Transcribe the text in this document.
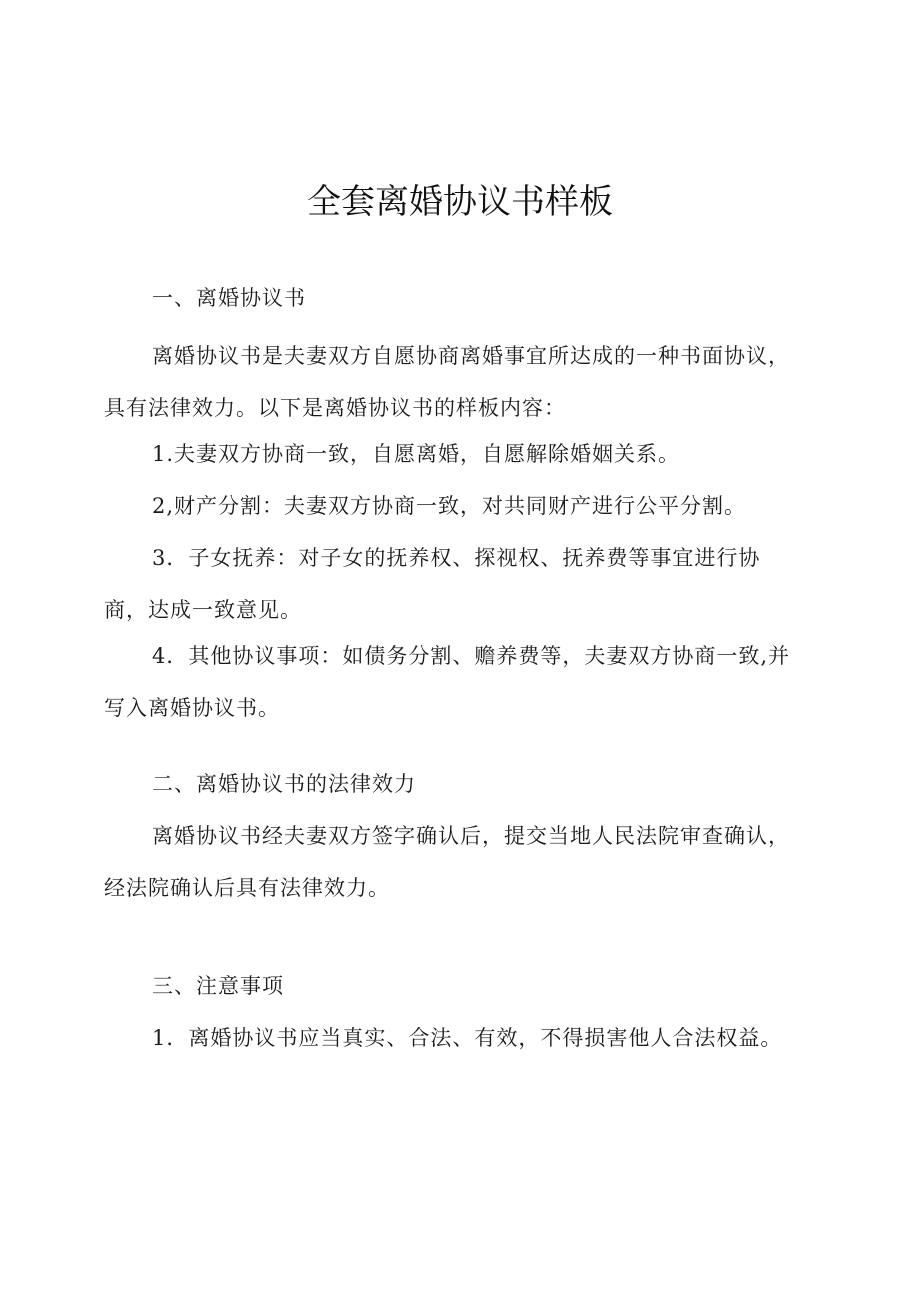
全套离婚协议书样板

一、离婚协议书

离婚协议书是夫妻双方自愿协商离婚事宜所达成的一种书面协议，具有法律效力。以下是离婚协议书的样板内容：

1.夫妻双方协商一致，自愿离婚，自愿解除婚姻关系。

2,财产分割：夫妻双方协商一致，对共同财产进行公平分割。

3．子女抚养：对子女的抚养权、探视权、抚养费等事宜进行协商，达成一致意见。

4．其他协议事项：如债务分割、赡养费等，夫妻双方协商一致,并写入离婚协议书。

二、离婚协议书的法律效力

离婚协议书经夫妻双方签字确认后，提交当地人民法院审查确认，经法院确认后具有法律效力。

三、注意事项

1．离婚协议书应当真实、合法、有效，不得损害他人合法权益。
